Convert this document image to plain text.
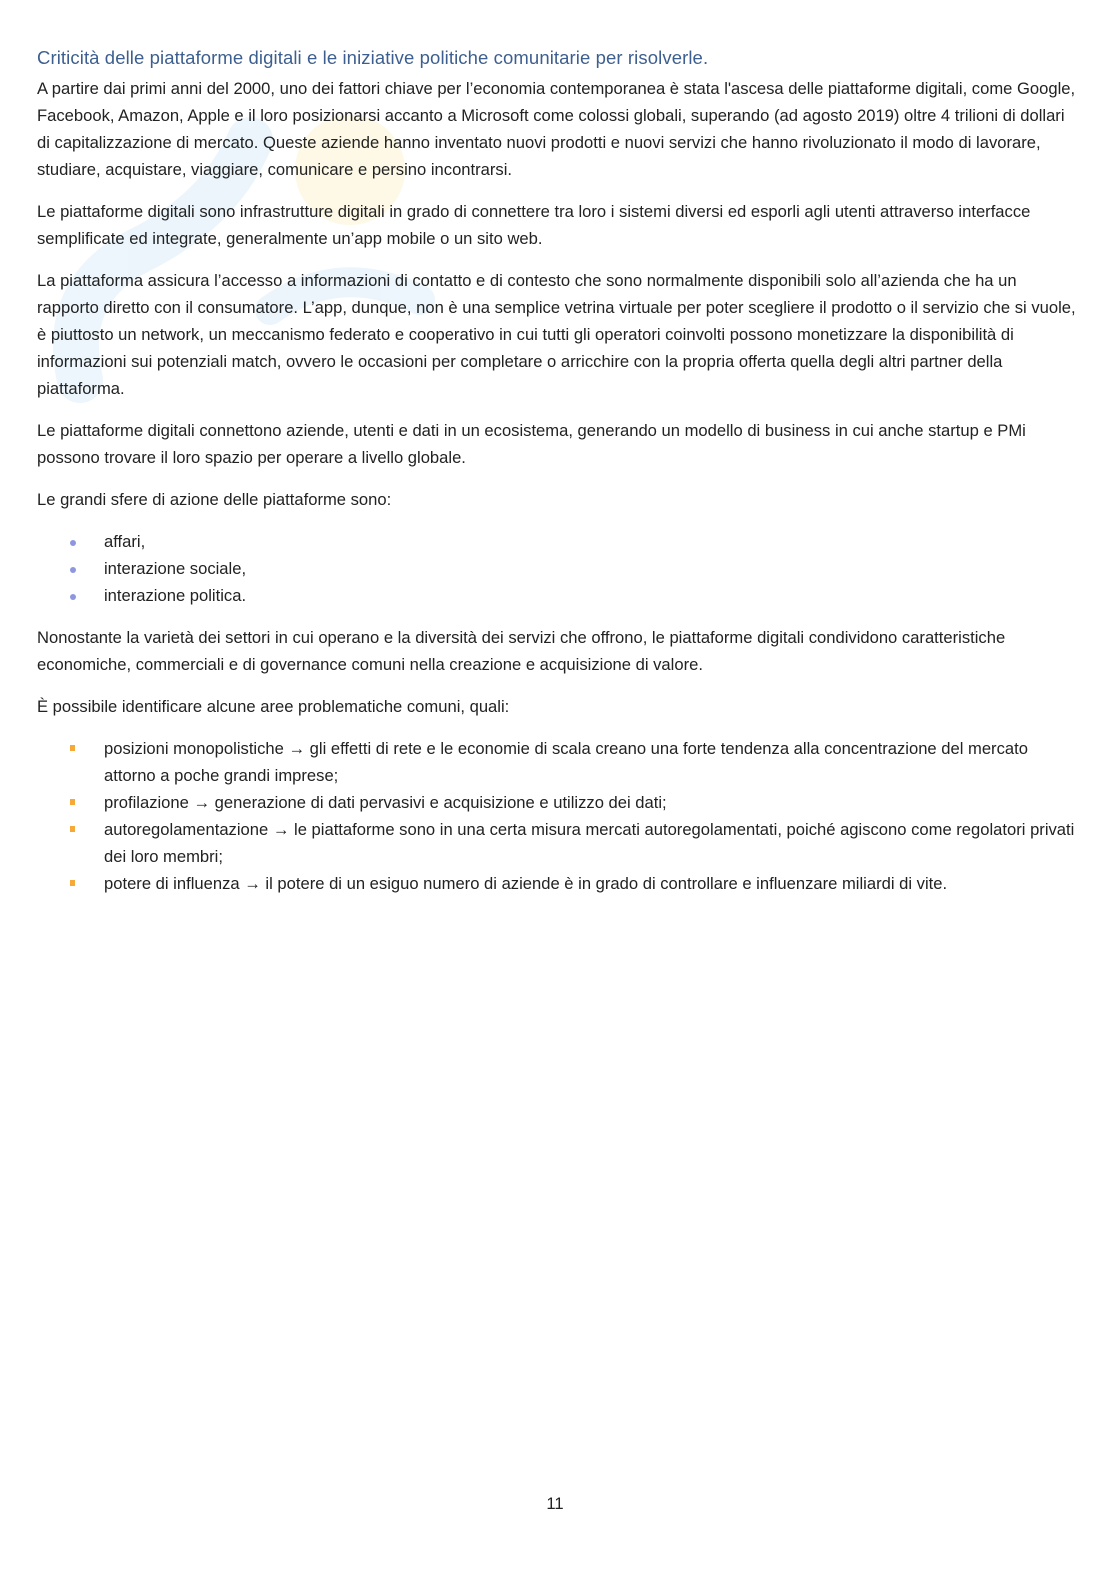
Criticità delle piattaforme digitali e le iniziative politiche comunitarie per risolverle.

A partire dai primi anni del 2000, uno dei fattori chiave per l’economia contemporanea è stata l'ascesa delle piattaforme digitali, come Google, Facebook, Amazon, Apple e il loro posizionarsi accanto a Microsoft come colossi globali, superando (ad agosto 2019) oltre 4 trilioni di dollari di capitalizzazione di mercato. Queste aziende hanno inventato nuovi prodotti e nuovi servizi che hanno rivoluzionato il modo di lavorare, studiare, acquistare, viaggiare, comunicare e persino incontrarsi.

Le piattaforme digitali sono infrastrutture digitali in grado di connettere tra loro i sistemi diversi ed esporli agli utenti attraverso interfacce semplificate ed integrate, generalmente un’app mobile o un sito web.

La piattaforma assicura l’accesso a informazioni di contatto e di contesto che sono normalmente disponibili solo all’azienda che ha un rapporto diretto con il consumatore. L’app, dunque, non è una semplice vetrina virtuale per poter scegliere il prodotto o il servizio che si vuole, è piuttosto un network, un meccanismo federato e cooperativo in cui tutti gli operatori coinvolti possono monetizzare la disponibilità di informazioni sui potenziali match, ovvero le occasioni per completare o arricchire con la propria offerta quella degli altri partner della piattaforma.

Le piattaforme digitali connettono aziende, utenti e dati in un ecosistema, generando un modello di business in cui anche startup e PMi possono trovare il loro spazio per operare a livello globale.

Le grandi sfere di azione delle piattaforme sono:

affari,
interazione sociale,
interazione politica.

Nonostante la varietà dei settori in cui operano e la diversità dei servizi che offrono, le piattaforme digitali condividono caratteristiche economiche, commerciali e di governance comuni nella creazione e acquisizione di valore.

È possibile identificare alcune aree problematiche comuni, quali:

posizioni monopolistiche → gli effetti di rete e le economie di scala creano una forte tendenza alla concentrazione del mercato attorno a poche grandi imprese;
profilazione → generazione di dati pervasivi e acquisizione e utilizzo dei dati;
autoregolamentazione → le piattaforme sono in una certa misura mercati autoregolamentati, poiché agiscono come regolatori privati dei loro membri;
potere di influenza → il potere di un esiguo numero di aziende è in grado di controllare e influenzare miliardi di vite.
11
